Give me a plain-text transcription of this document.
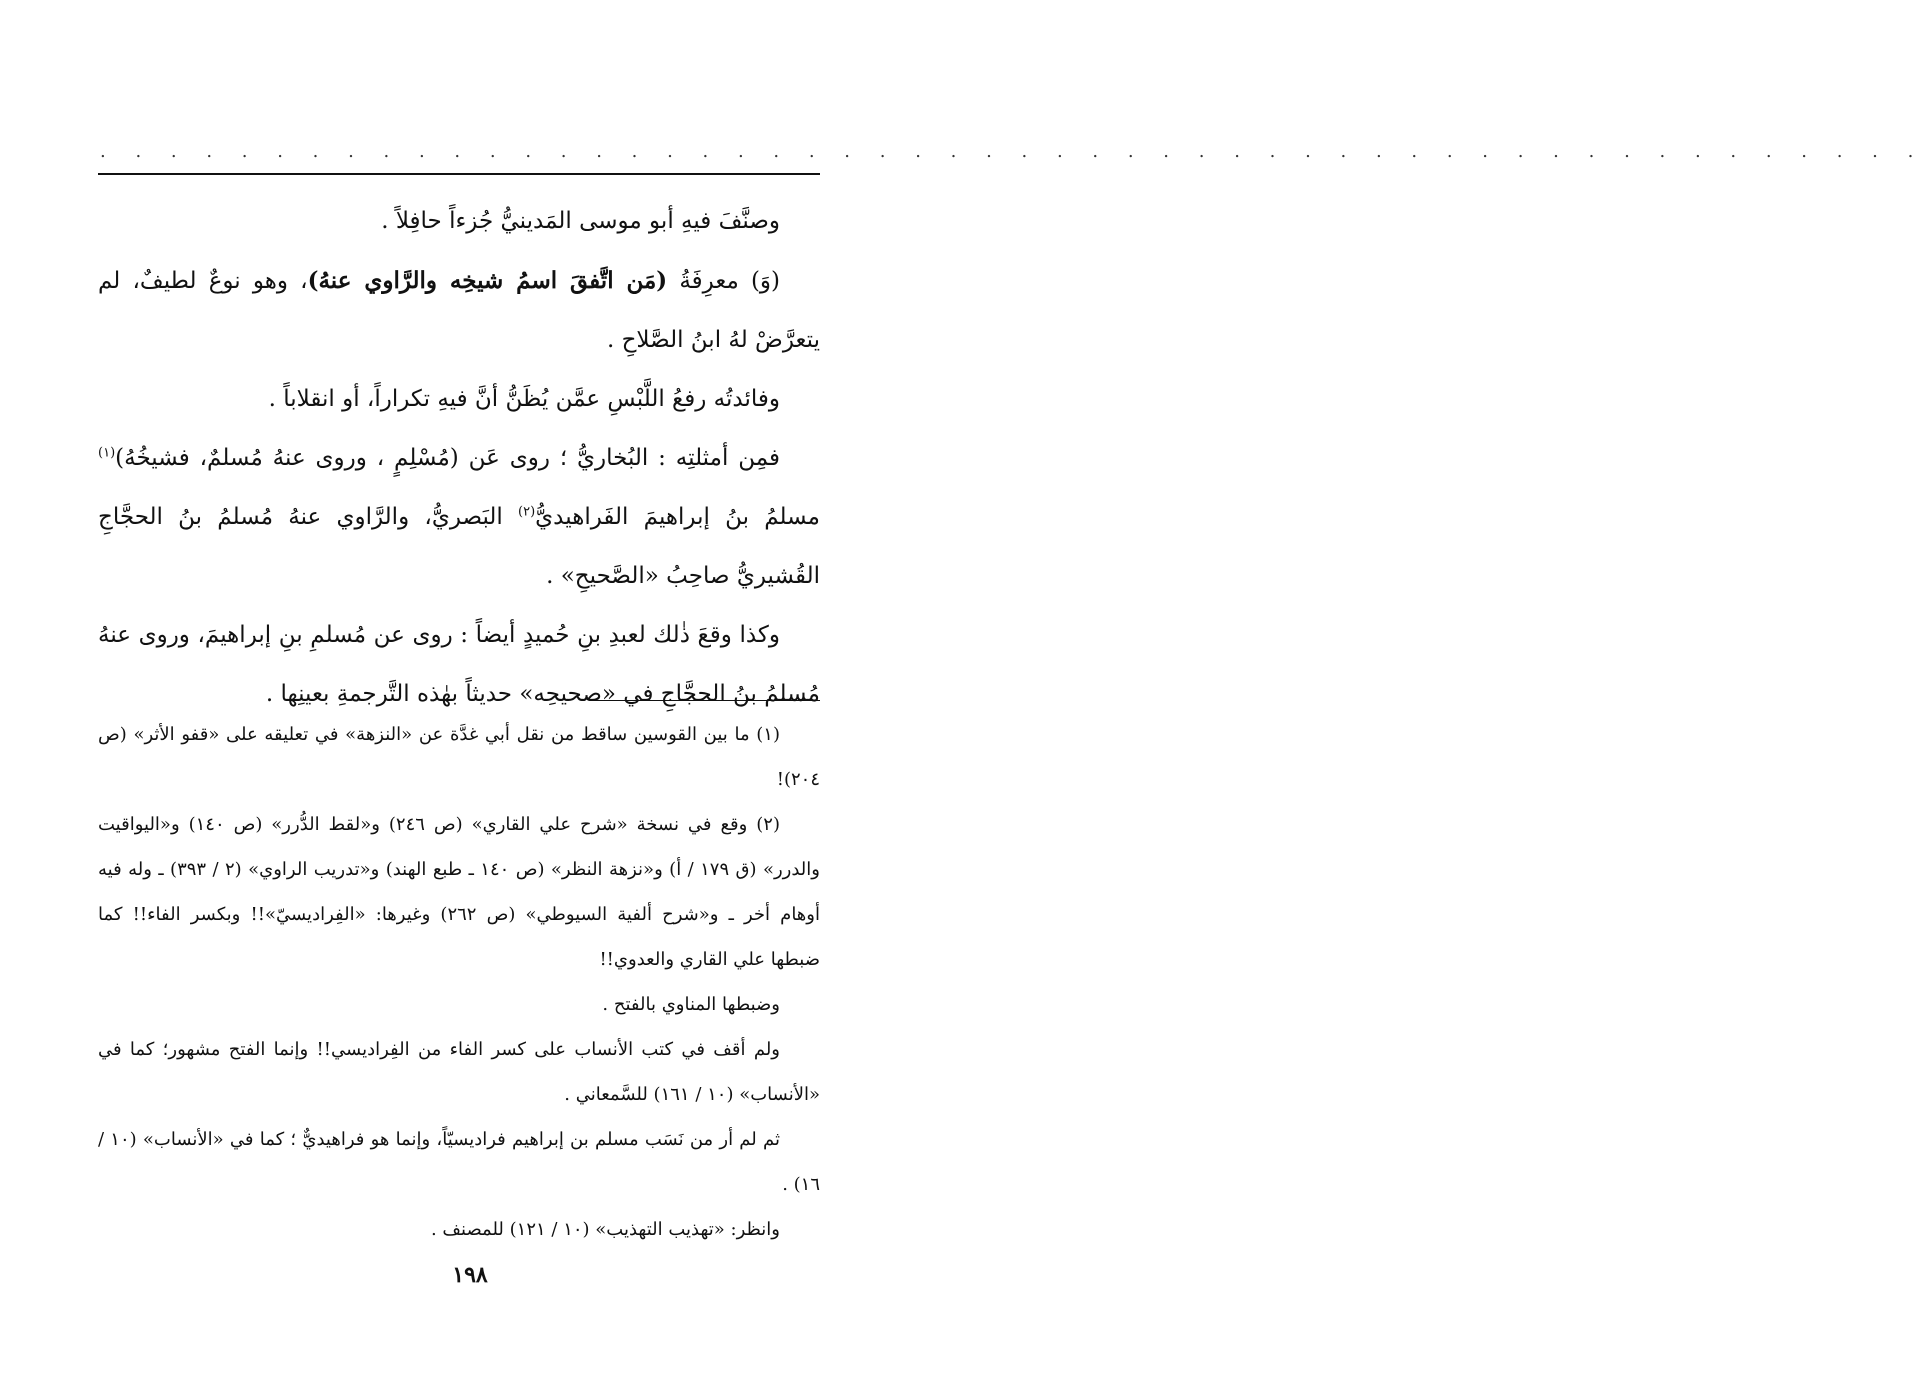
. . . . . . . . . . . . . . . . . . . . . . . . . . . . . . . . . . . . . . . . . . . . . . . . . . . .

وصنَّفَ فيهِ أبو موسى المَدينيُّ جُزءاً حافِلاً .

(وَ) معرِفَةُ (مَن اتَّفقَ اسمُ شيخِه والرَّاوي عنهُ)، وهو نوعٌ لطيفٌ، لم يتعرَّضْ لهُ ابنُ الصَّلاحِ .

وفائدتُه رفعُ اللَّبْسِ عمَّن يُظَنُّ أنَّ فيهِ تكراراً، أو انقلاباً .

فمِن أمثلتِه : البُخاريُّ ؛ روى عَن (مُسْلِمٍ ، وروى عنهُ مُسلمٌ، فشيخُهُ)$^{(١)}$ مسلمُ بنُ إبراهيمَ الفَراهيديُّ$^{(٢)}$ البَصريُّ، والرَّاوي عنهُ مُسلمُ بنُ الحجَّاجِ القُشيريُّ صاحِبُ «الصَّحيحِ» .

وكذا وقعَ ذٰلك لعبدِ بنِ حُميدٍ أيضاً : روى عن مُسلمِ بنِ إبراهيمَ، وروى عنهُ مُسلمُ بنُ الحجَّاجِ في «صحيحِه» حديثاً بهٰذه التَّرجمةِ بعينِها .

(١) ما بين القوسين ساقط من نقل أبي غدَّة عن «النزهة» في تعليقه على «قفو الأثر» (ص ٢٠٤)!

(٢) وقع في نسخة «شرح علي القاري» (ص ٢٤٦) و«لقط الدُّرر» (ص ١٤٠) و«اليواقيت والدرر» (ق ١٧٩ / أ) و«نزهة النظر» (ص ١٤٠ ـ طبع الهند) و«تدريب الراوي» (٢ / ٣٩٣) ـ وله فيه أوهام أخر ـ و«شرح ألفية السيوطي» (ص ٢٦٢) وغيرها: «الفِراديسيّ»!! وبكسر الفاء!! كما ضبطها علي القاري والعدوي!!

وضبطها المناوي بالفتح .

ولم أقف في كتب الأنساب على كسر الفاء من الفِراديسي!! وإنما الفتح مشهور؛ كما في «الأنساب» (١٠ / ١٦١) للسَّمعاني .

ثم لم أر من نَسَب مسلم بن إبراهيم فراديسيّاً، وإنما هو فراهيديٌّ ؛ كما في «الأنساب» (١٠ / ١٦) .

وانظر: «تهذيب التهذيب» (١٠ / ١٢١) للمصنف .

١٩٨
